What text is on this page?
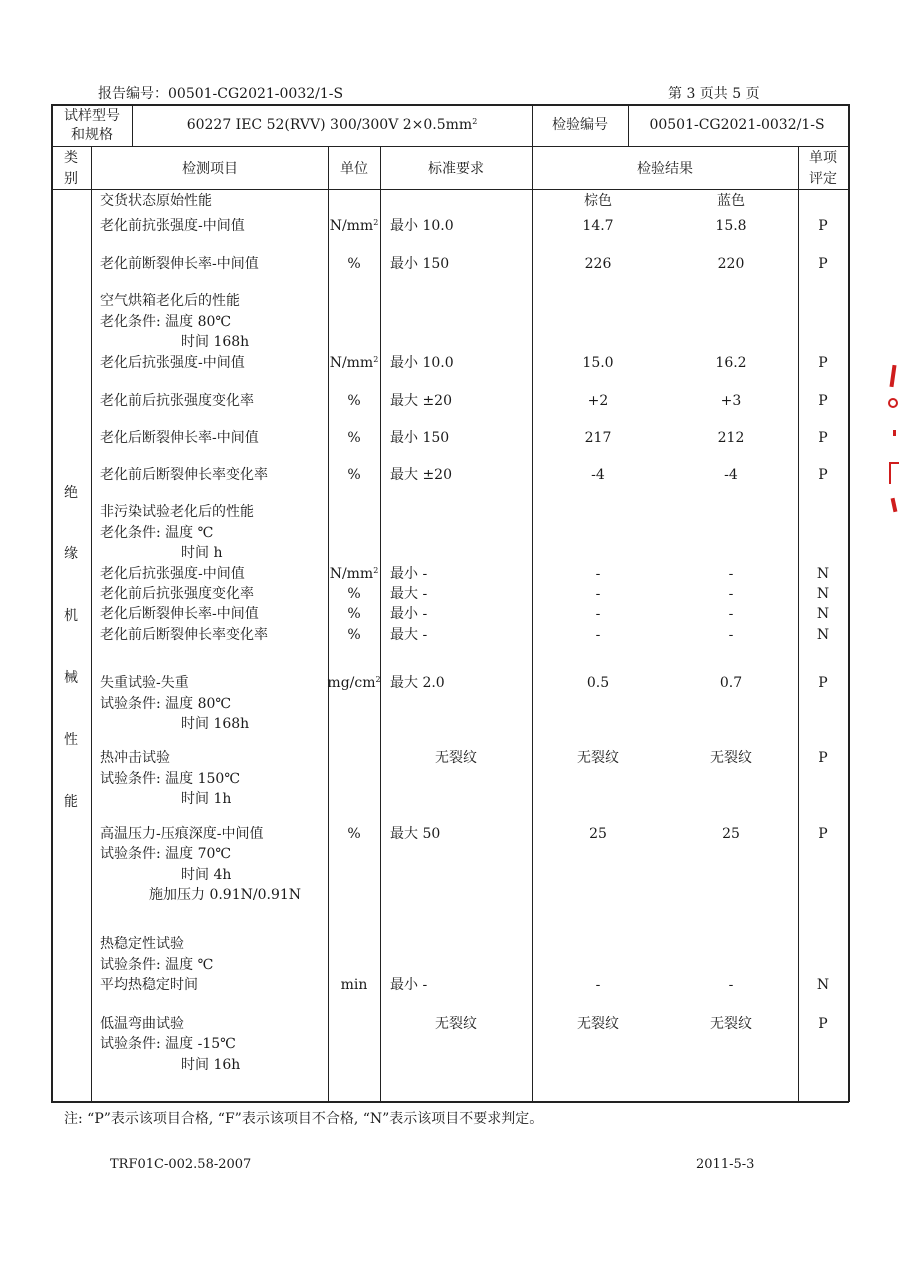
报告编号：00501-CG2021-0032/1-S	第 3 页共 5 页
试样型号
和规格
60227 IEC 52(RVV) 300/300V $2\times 0.5mm^2$	检验编号	00501-CG2021-0032/1-S
类
别
检测项目	单位	标准要求	检验结果
单项
评定
绝
缘
机
械
性
能
棕色	蓝色
交货状态原始性能
老化前抗张强度-中间值	$N/mm^2$ 最小 10.0	14.7	15.8	P
老化前断裂伸长率-中间值	% 最小 150	226	220	P
空气烘箱老化后的性能
老化条件: 温度 80℃
时间 168h
老化后抗张强度-中间值	$N/mm^2$ 最小 10.0	15.0	16.2	P
老化前后抗张强度变化率	% 最大 ±20	+2	+3	P
老化后断裂伸长率-中间值	% 最小 150	217	212	P
老化前后断裂伸长率变化率	% 最大 ±20	-4	-4	P
非污染试验老化后的性能
老化条件: 温度 ℃
时间 h
老化后抗张强度-中间值	$N/mm^2$ 最小 -	-	-	N
老化前后抗张强度变化率	% 最大 -	-	-	N
老化后断裂伸长率-中间值	% 最小 -	-	-	N
老化前后断裂伸长率变化率	% 最大 -	-	-	N
失重试验-失重	$mg/cm^2$ 最大 2.0	0.5	0.7	P
试验条件: 温度 80℃
时间 168h
热冲击试验	无裂纹	无裂纹	无裂纹	P
试验条件: 温度 150℃
时间 1h
高温压力-压痕深度-中间值	% 最大 50	25	25	P
试验条件: 温度 70℃
时间 4h
施加压力 0.91N/0.91N
热稳定性试验
试验条件: 温度 ℃
平均热稳定时间	min 最小 -	-	-	N
低温弯曲试验	无裂纹	无裂纹	无裂纹	P
试验条件: 温度 -15℃
时间 16h
注: “P”表示该项目合格, “F”表示该项目不合格, “N”表示该项目不要求判定。
TRF01C-002.58-2007	2011-5-3
